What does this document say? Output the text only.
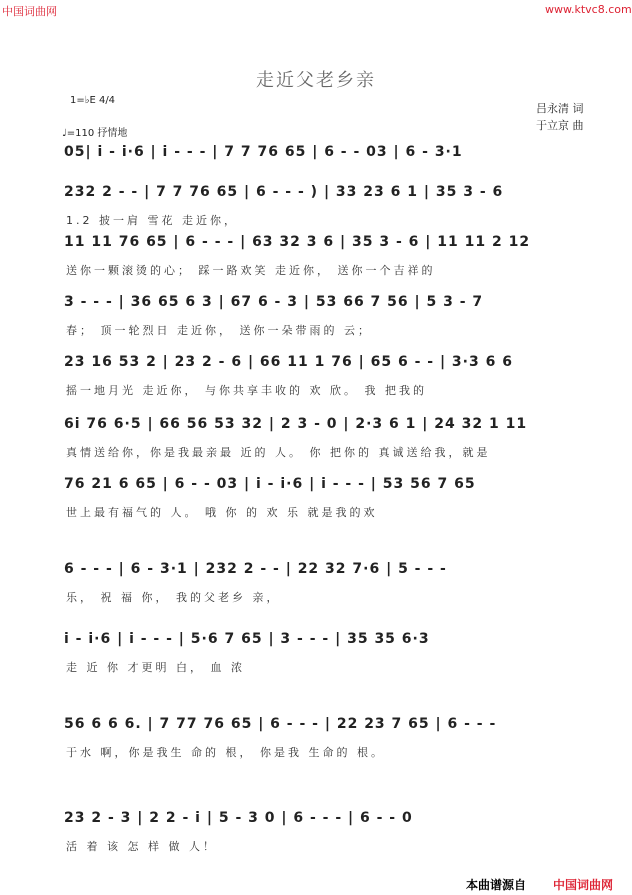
中国词曲网	www.ktvc8.com
走近父老乡亲
1=♭E 4/4
♩=110 抒情地
吕永清 词
于立京 曲
05| i - i·6 | i - - - | 7 7 76 65 | 6 - - 03 | 6 - 3·1
232 2 - - | 7 7 76 65 | 6 - - - ) | 33 23 6 1 | 35 3 - 6
1.2 披一肩 雪花 走近你，
11 11 76 65 | 6 - - - | 63 32 3 6 | 35 3 - 6 | 11 11 2 12
送你一颗滚烫的心； 踩一路欢笑 走近你， 送你一个吉祥的
3 - - - | 36 65 6 3 | 67 6 - 3 | 53 66 7 56 | 5 3 - 7
春； 顶一轮烈日 走近你， 送你一朵带雨的 云；
23 16 53 2 | 23 2 - 6 | 66 11 1 76 | 65 6 - - | 3·3 6 6
摇一地月光 走近你， 与你共享丰收的 欢 欣。 我 把我的
6i 76 6·5 | 66 56 53 32 | 2 3 - 0 | 2·3 6 1 | 24 32 1 11
真情送给你，你是我最亲最 近的 人。 你 把你的 真诚送给我，就是
76 21 6 65 | 6 - - 03 | i - i·6 | i - - - | 53 56 7 65
世上最有福气的 人。 哦 你 的 欢 乐 就是我的欢
6 - - - | 6 - 3·1 | 232 2 - - | 22 32 7·6 | 5 - - -
乐， 祝 福 你， 我的父老乡 亲，
i - i·6 | i - - - | 5·6 7 65 | 3 - - - | 35 35 6·3
走 近 你 才更明 白， 血 浓
56 6 6 6. | 7 77 76 65 | 6 - - - | 22 23 7 65 | 6 - - -
于水 啊，你是我生 命的 根， 你是我 生命的 根。
23 2 - 3 | 2 2 - i | 5 - 3 0 | 6 - - - | 6 - - 0
活 着 该 怎 样 做 人！
本曲谱源自 中国词曲网
